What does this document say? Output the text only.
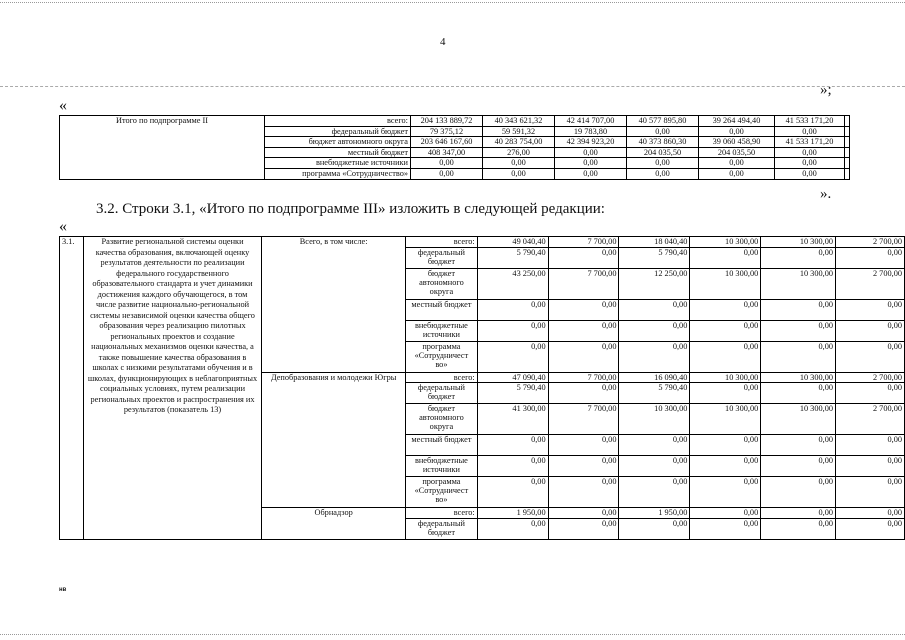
4
»;
«
Итого по подпрограмме II	всего:	204 133 889,72	40 343 621,32	42 414 707,00	40 577 895,80	39 264 494,40	41 533 171,20	
	федеральный бюджет	79 375,12	59 591,32	19 783,80	0,00	0,00	0,00	
	бюджет автономного округа	203 646 167,60	40 283 754,00	42 394 923,20	40 373 860,30	39 060 458,90	41 533 171,20	
	местный бюджет	408 347,00	276,00	0,00	204 035,50	204 035,50	0,00	
	внебюджетные источники	0,00	0,00	0,00	0,00	0,00	0,00	
	программа «Сотрудничество»	0,00	0,00	0,00	0,00	0,00	0,00	
».
3.2. Строки 3.1, «Итого по подпрограмме III» изложить в следующей редакции:
«
3.1.	Развитие региональной системы оценки качества образования, включающей оценку результатов деятельности по реализации федерального государственного образовательного стандарта и учет динамики достижения каждого обучающегося, в том числе развитие национально-региональной системы независимой оценки качества общего образования через реализацию пилотных региональных проектов и создание национальных механизмов оценки качества, а также повышение качества образования в школах с низкими результатами обучения и в школах, функционирующих в неблагоприятных социальных условиях, путем реализации региональных проектов и распространения их результатов (показатель 13)	Всего, в том числе:	всего:	49 040,40	7 700,00	18 040,40	10 300,00	10 300,00	2 700,00
			федеральный бюджет	5 790,40	0,00	5 790,40	0,00	0,00	0,00
			бюджет автономного округа	43 250,00	7 700,00	12 250,00	10 300,00	10 300,00	2 700,00
			местный бюджет	0,00	0,00	0,00	0,00	0,00	0,00
			внебюджетные источники	0,00	0,00	0,00	0,00	0,00	0,00
			программа «Сотрудничест во»	0,00	0,00	0,00	0,00	0,00	0,00
		Депобразования и молодежи Югры	всего:	47 090,40	7 700,00	16 090,40	10 300,00	10 300,00	2 700,00
			федеральный бюджет	5 790,40	0,00	5 790,40	0,00	0,00	0,00
			бюджет автономного округа	41 300,00	7 700,00	10 300,00	10 300,00	10 300,00	2 700,00
			местный бюджет	0,00	0,00	0,00	0,00	0,00	0,00
			внебюджетные источники	0,00	0,00	0,00	0,00	0,00	0,00
			программа «Сотрудничест во»	0,00	0,00	0,00	0,00	0,00	0,00
		Обрнадзор	всего:	1 950,00	0,00	1 950,00	0,00	0,00	0,00
			федеральный бюджет	0,00	0,00	0,00	0,00	0,00	0,00
нв
